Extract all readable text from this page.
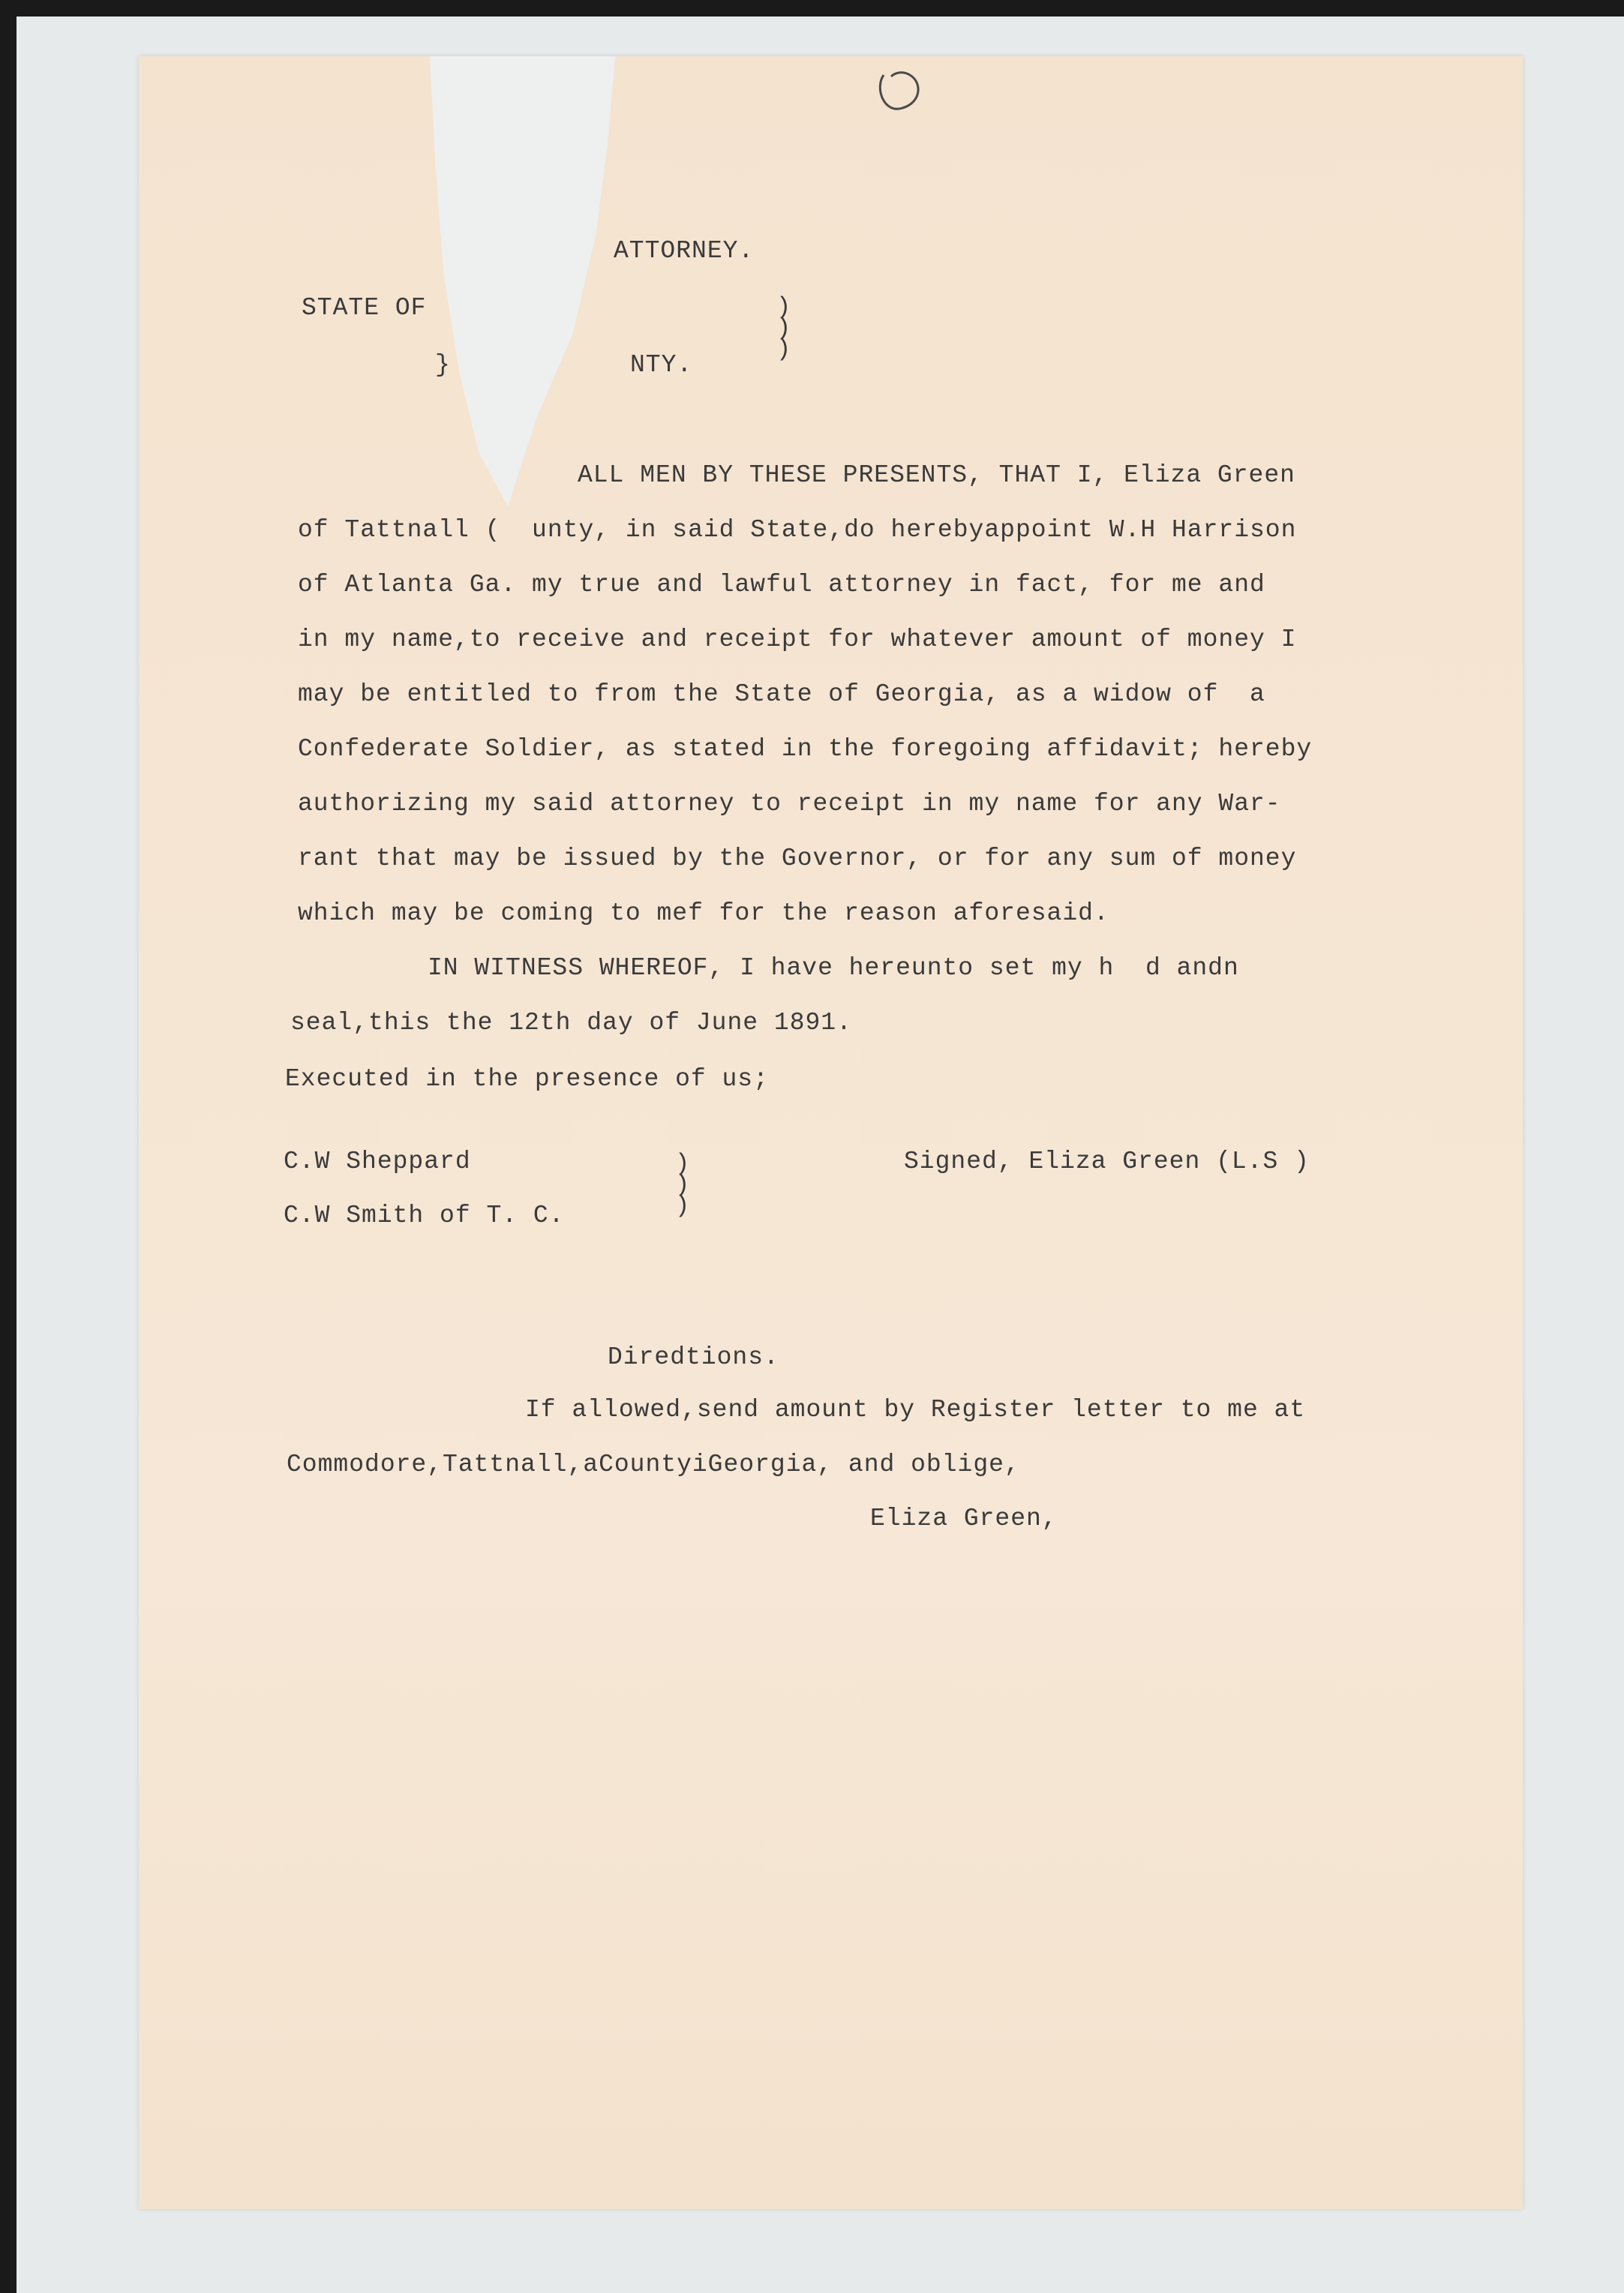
ATTORNEY.
STATE OF
}	NTY.
)
)
)
ALL MEN BY THESE PRESENTS, THAT I, Eliza Green
of Tattnall (  unty, in said State,do herebyappoint W.H Harrison
of Atlanta Ga. my true and lawful attorney in fact, for me and
in my name,to receive and receipt for whatever amount of money I
may be entitled to from the State of Georgia, as a widow of  a
Confederate Soldier, as stated in the foregoing affidavit; hereby
authorizing my said attorney to receipt in my name for any War-
rant that may be issued by the Governor, or for any sum of money
which may be coming to mef for the reason aforesaid.
IN WITNESS WHEREOF, I have hereunto set my h  d andn
seal,this the 12th day of June 1891.
Executed in the presence of us;
C.W Sheppard
C.W Smith of T. C.
)
)
)
Signed, Eliza Green (L.S )
Diredtions.
If allowed,send amount by Register letter to me at
Commodore,Tattnall,aCountyiGeorgia, and oblige,
Eliza Green,
